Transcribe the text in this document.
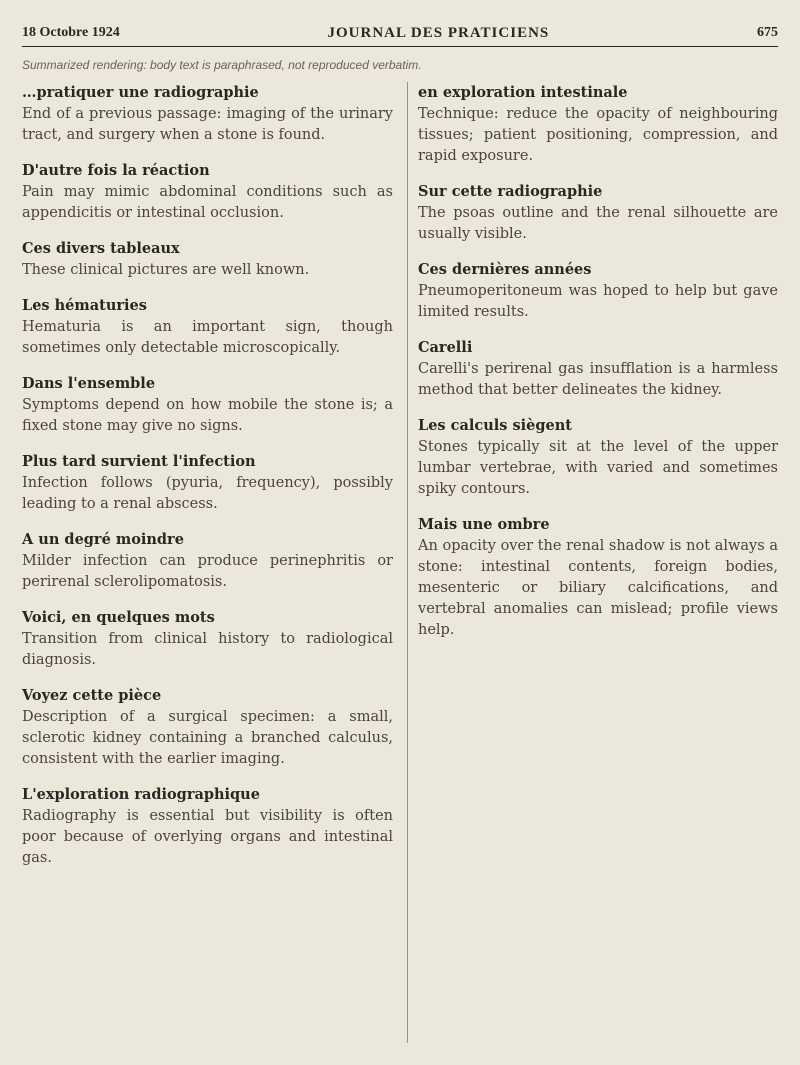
18 Octobre 1924	JOURNAL DES PRATICIENS	675
Summarized rendering: body text is paraphrased, not reproduced verbatim.

…pratiquer une radiographie
End of a previous passage: imaging of the urinary tract, and surgery when a stone is found.

D'autre fois la réaction
Pain may mimic abdominal conditions such as appendicitis or intestinal occlusion.

Ces divers tableaux
These clinical pictures are well known.

Les hématuries
Hematuria is an important sign, though sometimes only detectable microscopically.

Dans l'ensemble
Symptoms depend on how mobile the stone is; a fixed stone may give no signs.

Plus tard survient l'infection
Infection follows (pyuria, frequency), possibly leading to a renal abscess.

A un degré moindre
Milder infection can produce perinephritis or perirenal sclerolipomatosis.

Voici, en quelques mots
Transition from clinical history to radiological diagnosis.

Voyez cette pièce
Description of a surgical specimen: a small, sclerotic kidney containing a branched calculus, consistent with the earlier imaging.

L'exploration radiographique
Radiography is essential but visibility is often poor because of overlying organs and intestinal gas.

en exploration intestinale
Technique: reduce the opacity of neighbouring tissues; patient positioning, compression, and rapid exposure.

Sur cette radiographie
The psoas outline and the renal silhouette are usually visible.

Ces dernières années
Pneumoperitoneum was hoped to help but gave limited results.

Carelli
Carelli's perirenal gas insufflation is a harmless method that better delineates the kidney.

Les calculs siègent
Stones typically sit at the level of the upper lumbar vertebrae, with varied and sometimes spiky contours.

Mais une ombre
An opacity over the renal shadow is not always a stone: intestinal contents, foreign bodies, mesenteric or biliary calcifications, and vertebral anomalies can mislead; profile views help.
